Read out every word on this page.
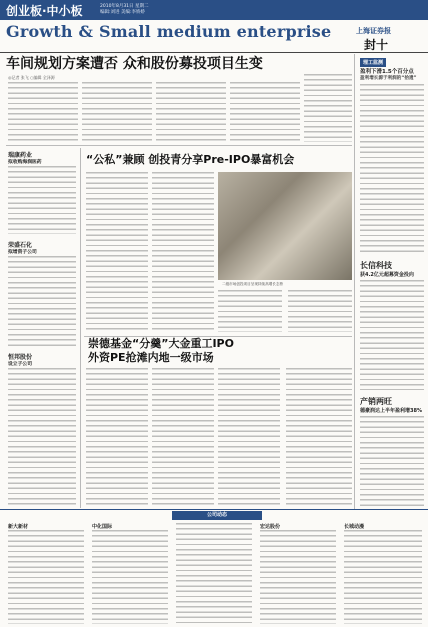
创业板·中小板	2010年8月31日 星期二
编辑:刘进 美编:李娇娇
Growth & Small medium enterprise	上海证券报
封十
车间规划方案遭否 众和股份募投项目生变
◎记者 张飞 ○编辑 全泽源
理工监测
盈利下滑1.5个百分点
盈利增长源于利润的“拾遗”
长信科技
获4.2亿元超募资金投向
产销两旺
德豪润达上半年盈利增38%
瑞康药业
拟收购海润医药
荣盛石化
拟增资子公司
恒邦股份
设立子公司
“公私”兼顾 创投青分享Pre-IPO暴富机会
二级市场创投项目呈现持续高增长态势
崇德基金“分羹”大金重工IPO
外资PE抢滩内地一级市场
公司动态
新大新材	中化国际	宏达股份	长城动漫
